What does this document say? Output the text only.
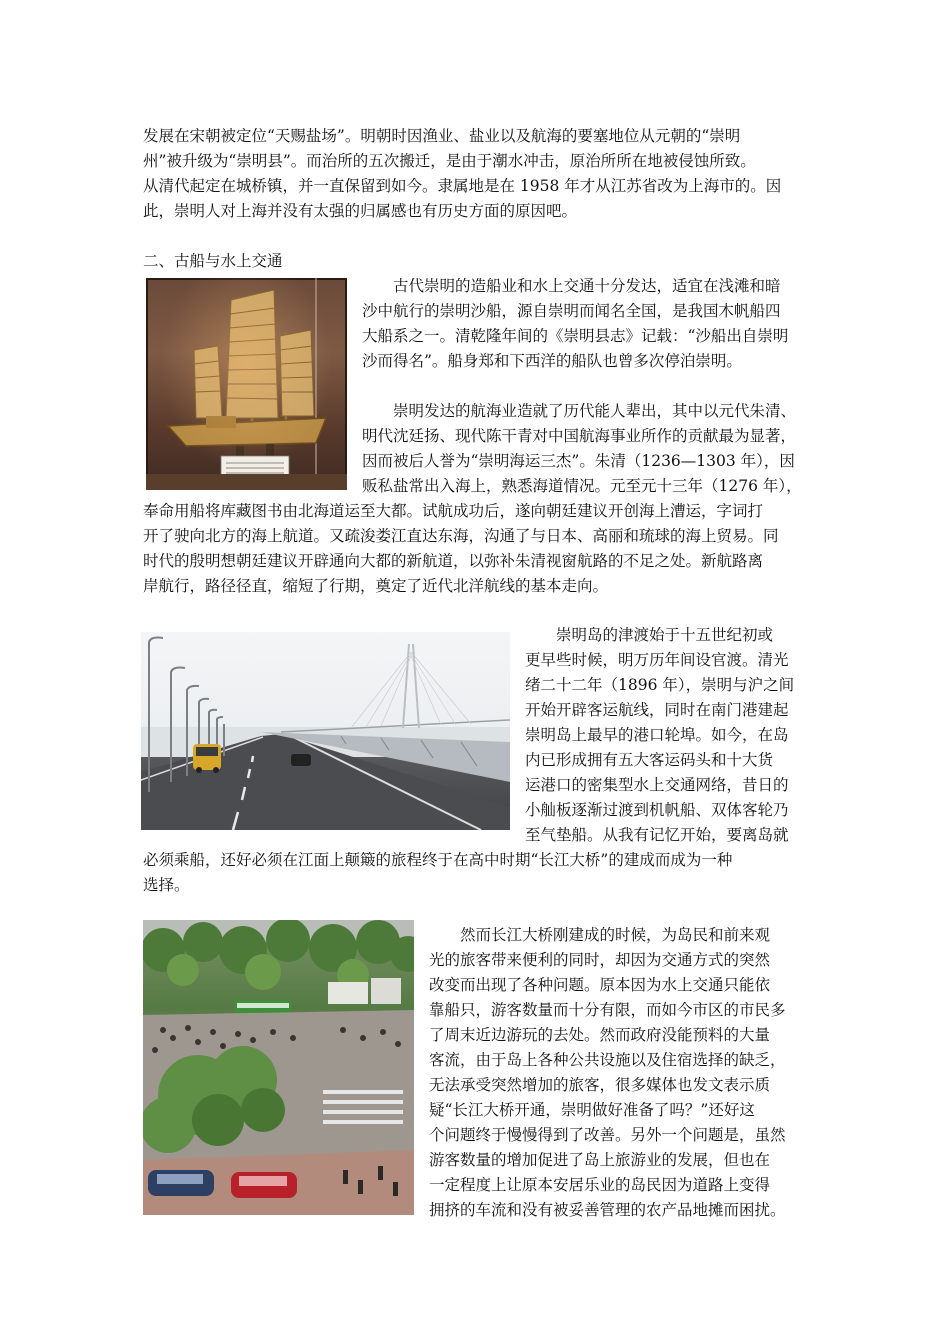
发展在宋朝被定位“天赐盐场”。明朝时因渔业、盐业以及航海的要塞地位从元朝的“崇明
州”被升级为“崇明县”。而治所的五次搬迁，是由于潮水冲击，原治所所在地被侵蚀所致。
从清代起定在城桥镇，并一直保留到如今。隶属地是在 1958 年才从江苏省改为上海市的。因
此，崇明人对上海并没有太强的归属感也有历史方面的原因吧。
二、古船与水上交通
古代崇明的造船业和水上交通十分发达，适宜在浅滩和暗
沙中航行的崇明沙船，源自崇明而闻名全国，是我国木帆船四
大船系之一。清乾隆年间的《崇明县志》记载：“沙船出自崇明
沙而得名”。船身郑和下西洋的船队也曾多次停泊崇明。
崇明发达的航海业造就了历代能人辈出，其中以元代朱清、
明代沈廷扬、现代陈干青对中国航海事业所作的贡献最为显著，
因而被后人誉为“崇明海运三杰”。朱清（1236—1303 年），因
贩私盐常出入海上，熟悉海道情况。元至元十三年（1276 年），
奉命用船将库藏图书由北海道运至大都。试航成功后，遂向朝廷建议开创海上漕运，字词打
开了驶向北方的海上航道。又疏浚娄江直达东海，沟通了与日本、高丽和琉球的海上贸易。同
时代的殷明想朝廷建议开辟通向大都的新航道，以弥补朱清视窗航路的不足之处。新航路离
岸航行，路径径直，缩短了行期，奠定了近代北洋航线的基本走向。
崇明岛的津渡始于十五世纪初或
更早些时候，明万历年间设官渡。清光
绪二十二年（1896 年），崇明与沪之间
开始开辟客运航线，同时在南门港建起
崇明岛上最早的港口轮埠。如今，在岛
内已形成拥有五大客运码头和十大货
运港口的密集型水上交通网络，昔日的
小舢板逐渐过渡到机帆船、双体客轮乃
至气垫船。从我有记忆开始，要离岛就
必须乘船，还好必须在江面上颠簸的旅程终于在高中时期“长江大桥”的建成而成为一种
选择。
然而长江大桥刚建成的时候，为岛民和前来观
光的旅客带来便利的同时，却因为交通方式的突然
改变而出现了各种问题。原本因为水上交通只能依
靠船只，游客数量而十分有限，而如今市区的市民多
了周末近边游玩的去处。然而政府没能预料的大量
客流，由于岛上各种公共设施以及住宿选择的缺乏，
无法承受突然增加的旅客，很多媒体也发文表示质
疑“长江大桥开通，崇明做好准备了吗？”还好这
个问题终于慢慢得到了改善。另外一个问题是，虽然
游客数量的增加促进了岛上旅游业的发展，但也在
一定程度上让原本安居乐业的岛民因为道路上变得
拥挤的车流和没有被妥善管理的农产品地摊而困扰。
